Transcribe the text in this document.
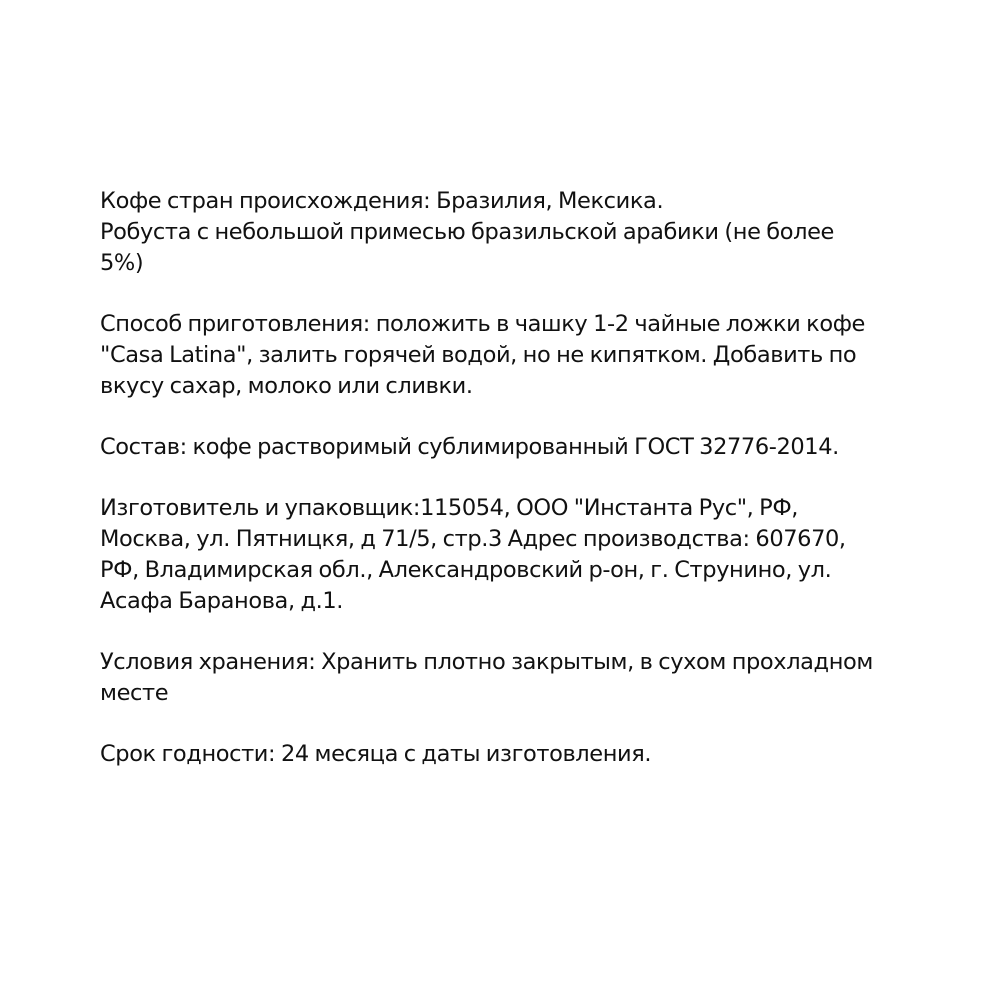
Кофе стран происхождения: Бразилия, Мексика.
Робуста с небольшой примесью бразильской арабики (не более
5%)
Способ приготовления: положить в чашку 1-2 чайные ложки кофе
"Casa Latina", залить горячей водой, но не кипятком. Добавить по
вкусу сахар, молоко или сливки.
Состав: кофе растворимый сублимированный ГОСТ 32776-2014.
Изготовитель и упаковщик:115054, ООО "Инстанта Рус", РФ,
Москва, ул. Пятницкя, д 71/5, стр.3 Адрес производства: 607670,
РФ, Владимирская обл., Александровский р-он, г. Струнино, ул.
Асафа Баранова, д.1.
Условия хранения: Хранить плотно закрытым, в сухом прохладном
месте
Срок годности: 24 месяца с даты изготовления.
